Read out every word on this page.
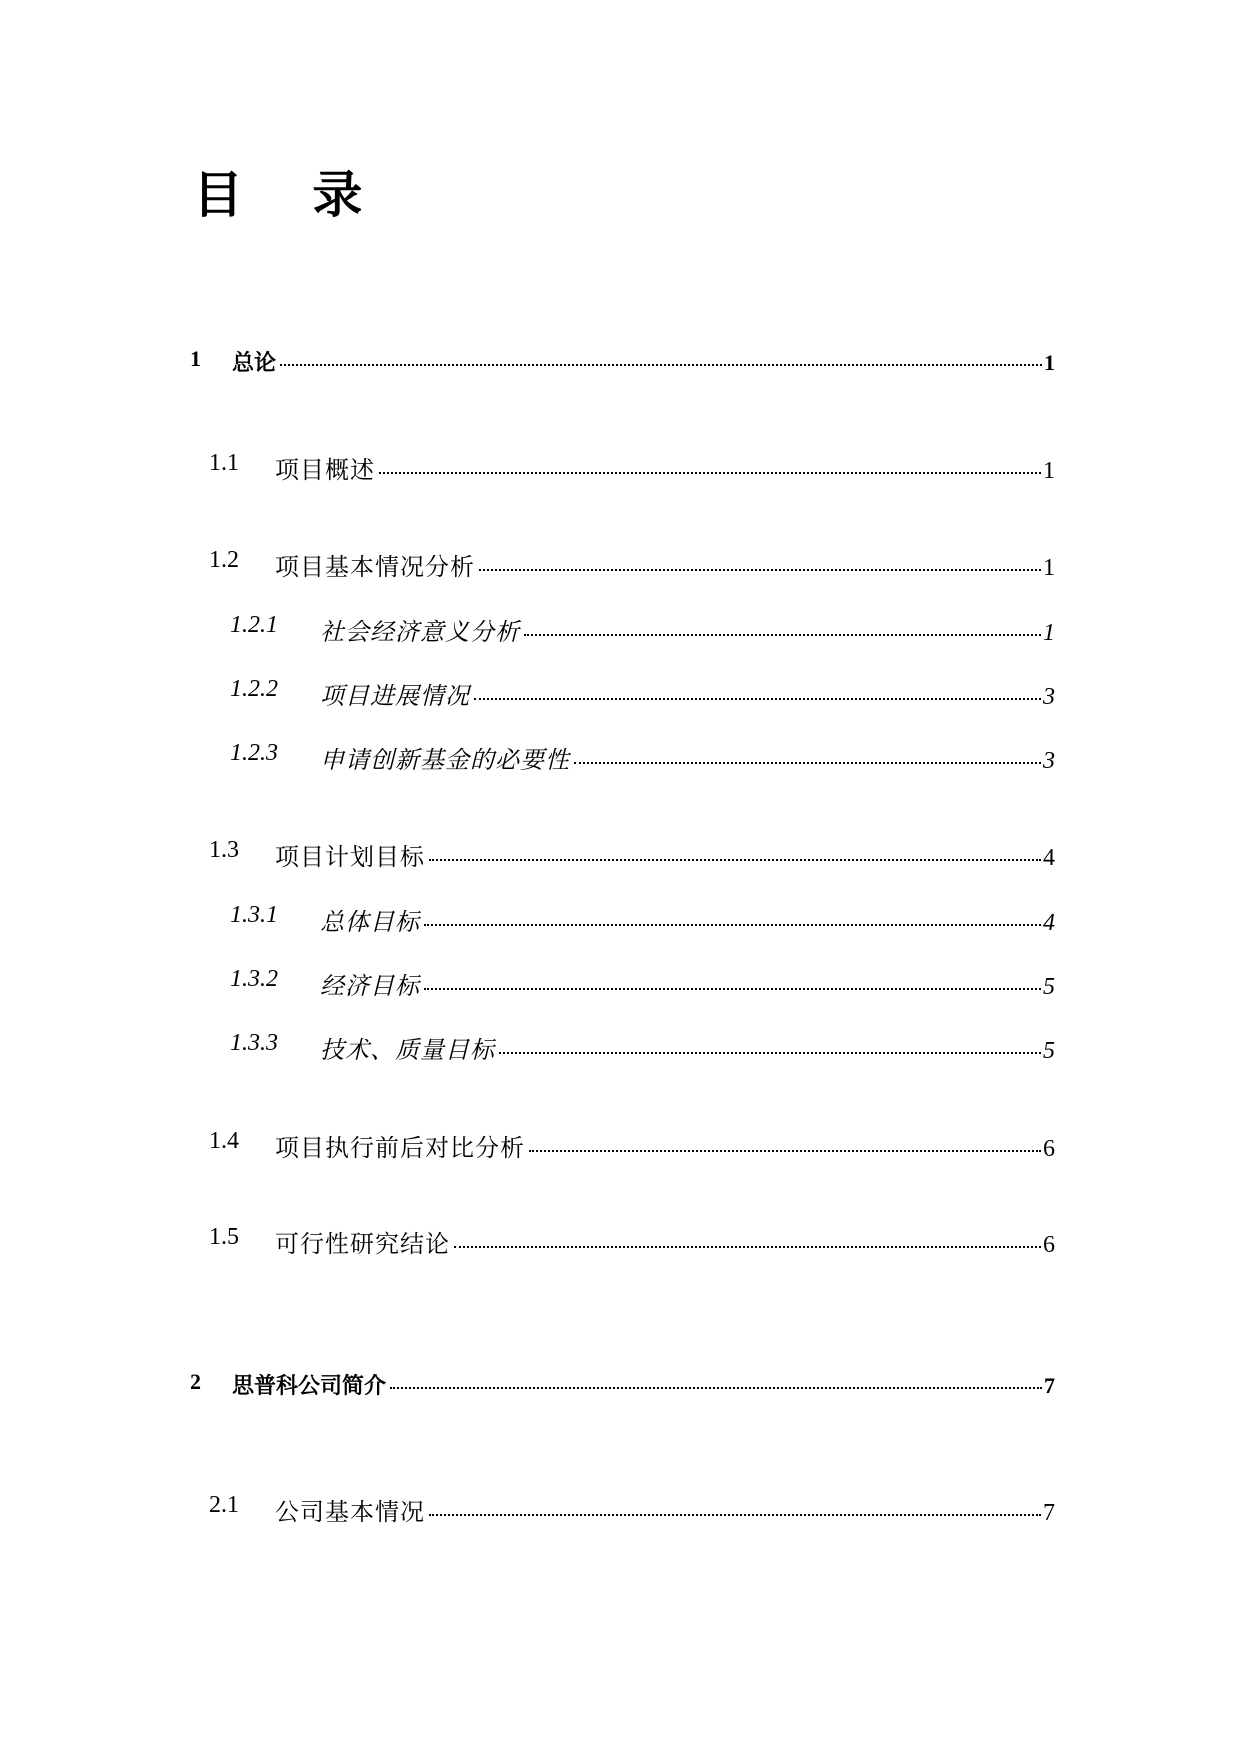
目 录
1 总论	1
1.1 项目概述	1
1.2 项目基本情况分析	1
1.2.1 社会经济意义分析	1
1.2.2 项目进展情况	3
1.2.3 申请创新基金的必要性	3
1.3 项目计划目标	4
1.3.1 总体目标	4
1.3.2 经济目标	5
1.3.3 技术、质量目标	5
1.4 项目执行前后对比分析	6
1.5 可行性研究结论	6
2 思普科公司简介	7
2.1 公司基本情况	7
